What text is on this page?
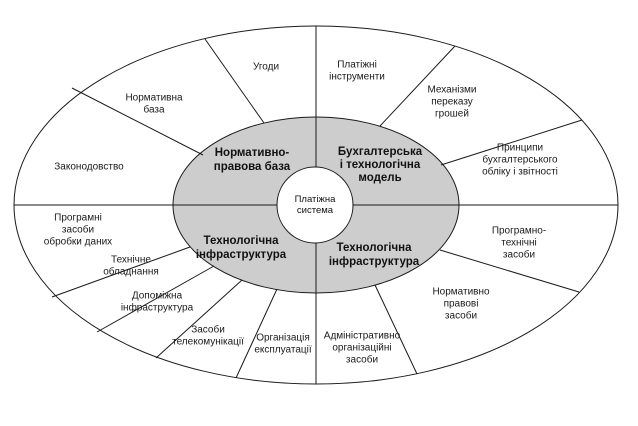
Платіжна система
Нормативно-правова база
Бухгалтерська і технологічна модель
Технологічна інфраструктура
Технологічна інфраструктура
Угоди
Нормативна база
Законодовство
Платіжні інструменти
Механізми переказу грошей
Принципи бухгалтерського обліку і звітності
Програмні засоби обробки даних
Технічне обладнання
Допоміжна інфраструктура
Засоби телекомунікації Організація експлуатації
Програмно-технічні засоби
Нормативно правові засоби
Адміністративно організаційні засоби
